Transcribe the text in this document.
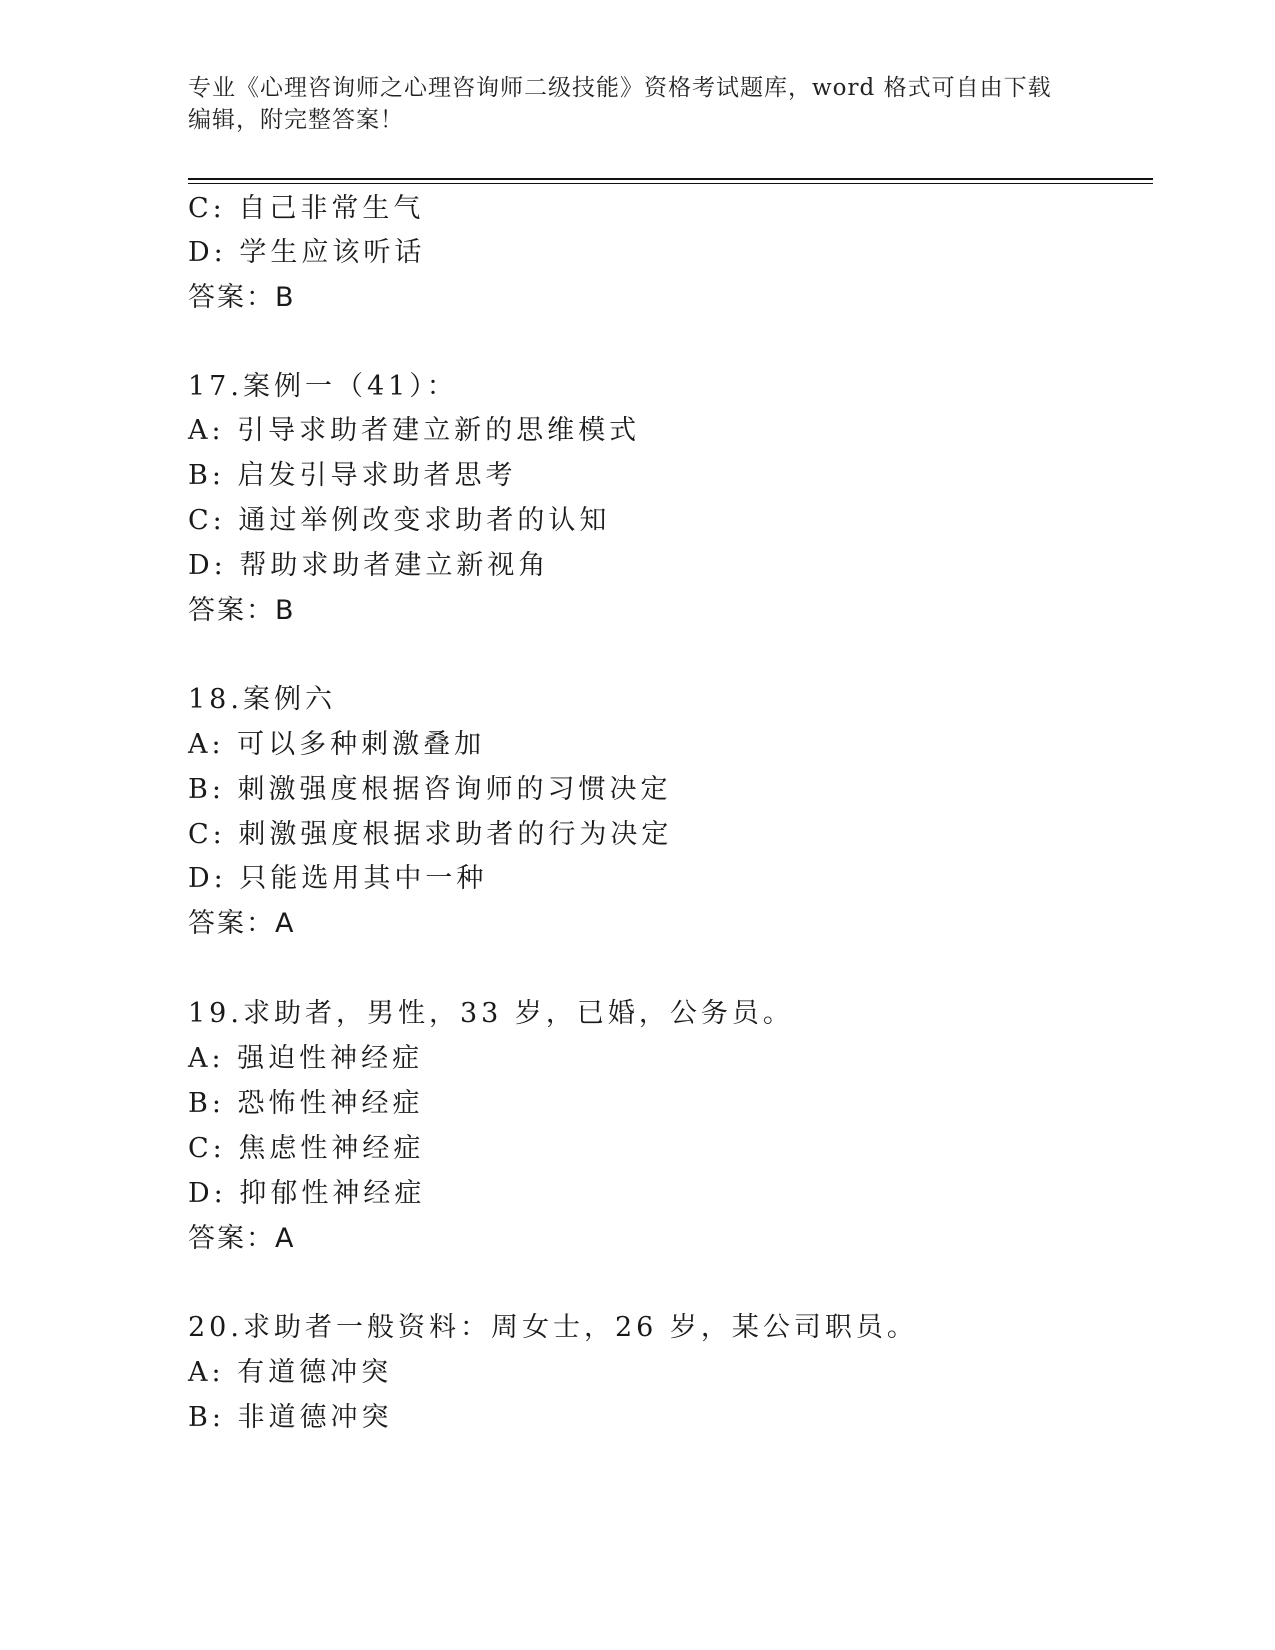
专业《心理咨询师之心理咨询师二级技能》资格考试题库，word 格式可自由下载
编辑，附完整答案！
C: 自己非常生气
D: 学生应该听话
答案：B
17.案例一（41）：
A: 引导求助者建立新的思维模式
B: 启发引导求助者思考
C: 通过举例改变求助者的认知
D: 帮助求助者建立新视角
答案：B
18.案例六
A: 可以多种刺激叠加
B: 刺激强度根据咨询师的习惯决定
C: 刺激强度根据求助者的行为决定
D: 只能选用其中一种
答案：A
19.求助者，男性，33 岁，已婚，公务员。
A: 强迫性神经症
B: 恐怖性神经症
C: 焦虑性神经症
D: 抑郁性神经症
答案：A
20.求助者一般资料：周女士，26 岁，某公司职员。
A: 有道德冲突
B: 非道德冲突
